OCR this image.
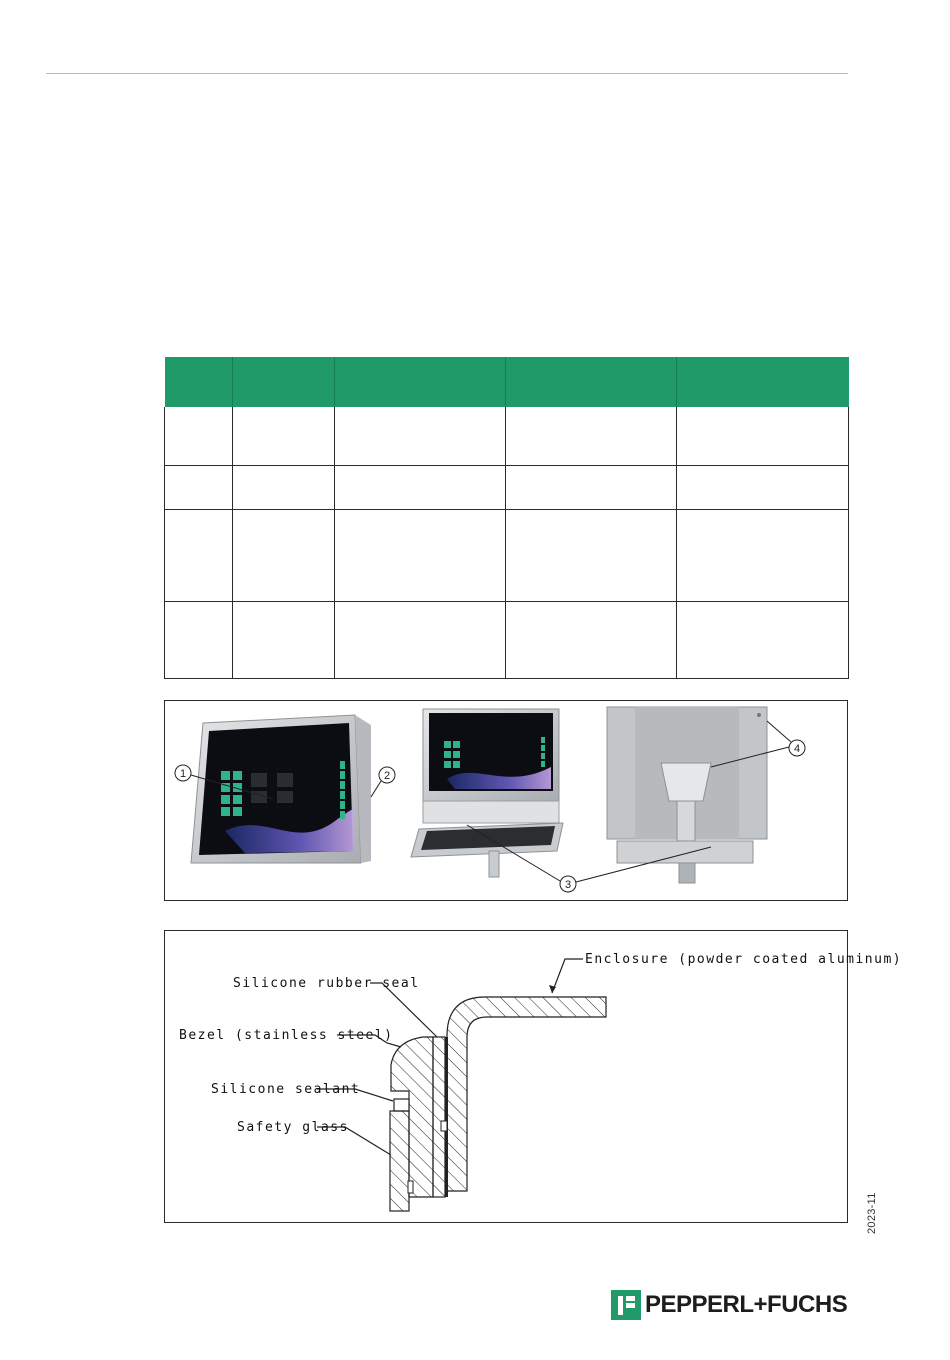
1	2
3
4
Enclosure (powder coated aluminum)
Silicone rubber seal
Bezel (stainless steel)
Silicone sealant
Safety glass
2023-11
PEPPERL+FUCHS
